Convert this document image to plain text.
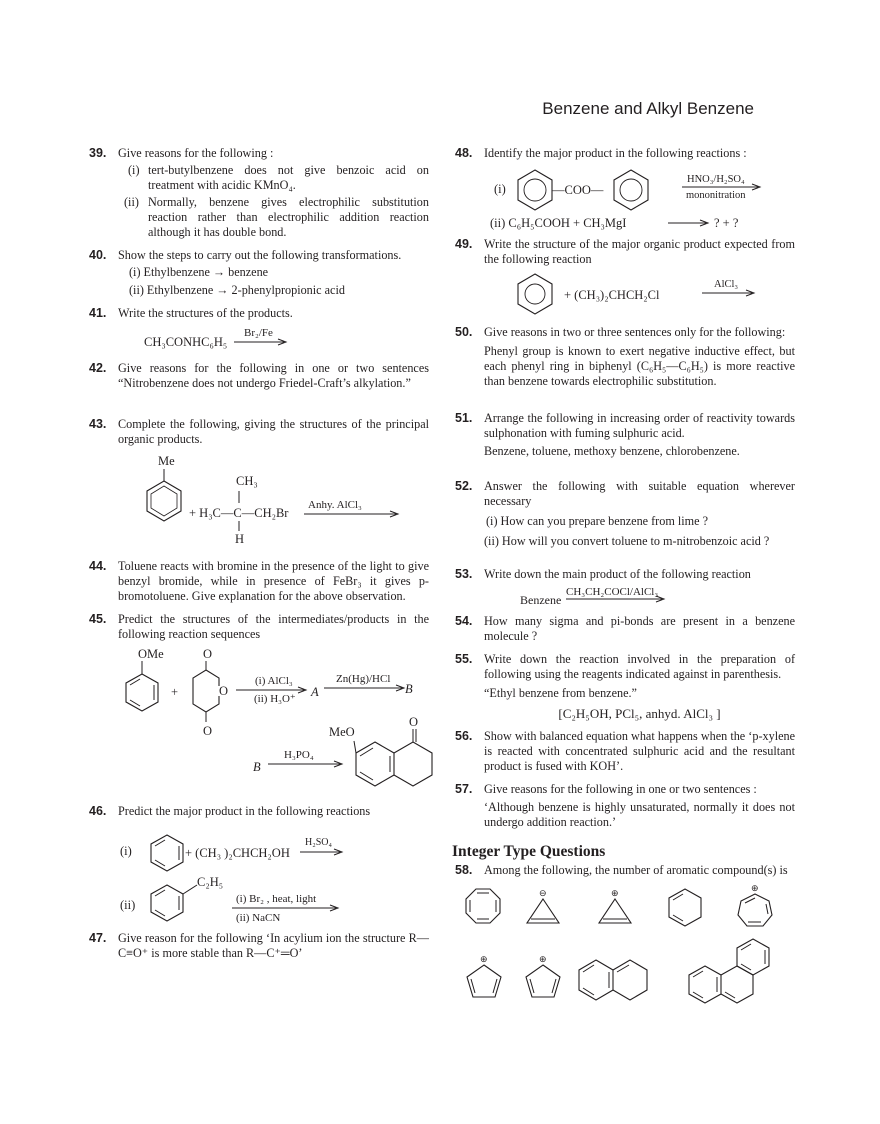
Benzene and Alkyl Benzene
39. Give reasons for the following :
(i) tert-butylbenzene does not give benzoic acid on treatment with acidic KMnO₄.
(ii) Normally, benzene gives electrophilic substitution reaction rather than electrophilic addition reaction although it has double bond.
40. Show the steps to carry out the following transformations.
(i) Ethylbenzene → benzene
(ii) Ethylbenzene → 2-phenylpropionic acid
41. Write the structures of the products.
CH₃CONHC₆H₅
Br₂/Fe
42. Give reasons for the following in one or two sentences “Nitrobenzene does not undergo Friedel-Craft’s alkylation.”
43. Complete the following, giving the structures of the principal organic products.
Me
CH₃
+ H₃C—C—CH₂Br
H
Anhy. AlCl₃
44. Toluene reacts with bromine in the presence of the light to give benzyl bromide, while in presence of FeBr₃ it gives p-bromotoluene. Give explanation for the above observation.
45. Predict the structures of the intermediates/products in the following reaction sequences
OMe
+
O
O
O
(i) AlCl₃
(ii) H₃O⁺ A
Zn(Hg)/HCl
B
B
H₃PO₄
MeO
O
46. Predict the major product in the following reactions
(i)	+ (CH₃ )₂CHCH₂OH
H₂SO₄
(ii)
C₂H₅
(i) Br₂ , heat, light
(ii) NaCN
47. Give reason for the following ‘In acylium ion the structure R—C≡O⁺ is more stable than R—C⁺═O’
48. Identify the major product in the following reactions :
(i)	—COO—
HNO₃/H₂SO₄
mononitration
(ii) C₆H₅COOH + CH₃MgI	? + ?
49. Write the structure of the major organic product expected from the following reaction
+ (CH₃)₂CHCH₂Cl
AlCl₃
50. Give reasons in two or three sentences only for the following:
Phenyl group is known to exert negative inductive effect, but each phenyl ring in biphenyl (C₆H₅—C₆H₅) is more reactive than benzene towards electrophilic substitution.
51. Arrange the following in increasing order of reactivity towards sulphonation with fuming sulphuric acid.
Benzene, toluene, methoxy benzene, chlorobenzene.
52. Answer the following with suitable equation wherever necessary
(i) How can you prepare benzene from lime ?
(ii) How will you convert toluene to m-nitrobenzoic acid ?
53. Write down the main product of the following reaction
Benzene
CH₃CH₂COCl/AlCl₃
54. How many sigma and pi-bonds are present in a benzene molecule ?
55. Write down the reaction involved in the preparation of following using the reagents indicated against in parenthesis.
“Ethyl benzene from benzene.”
[C₂H₅OH, PCl₅, anhyd. AlCl₃ ]
56. Show with balanced equation what happens when the ‘p-xylene is reacted with concentrated sulphuric acid and the resultant product is fused with KOH’.
57. Give reasons for the following in one or two sentences :
‘Although benzene is highly unsaturated, normally it does not undergo addition reaction.’
Integer Type Questions
58. Among the following, the number of aromatic compound(s) is
⊖	⊕	⊕
⊕	⊕
